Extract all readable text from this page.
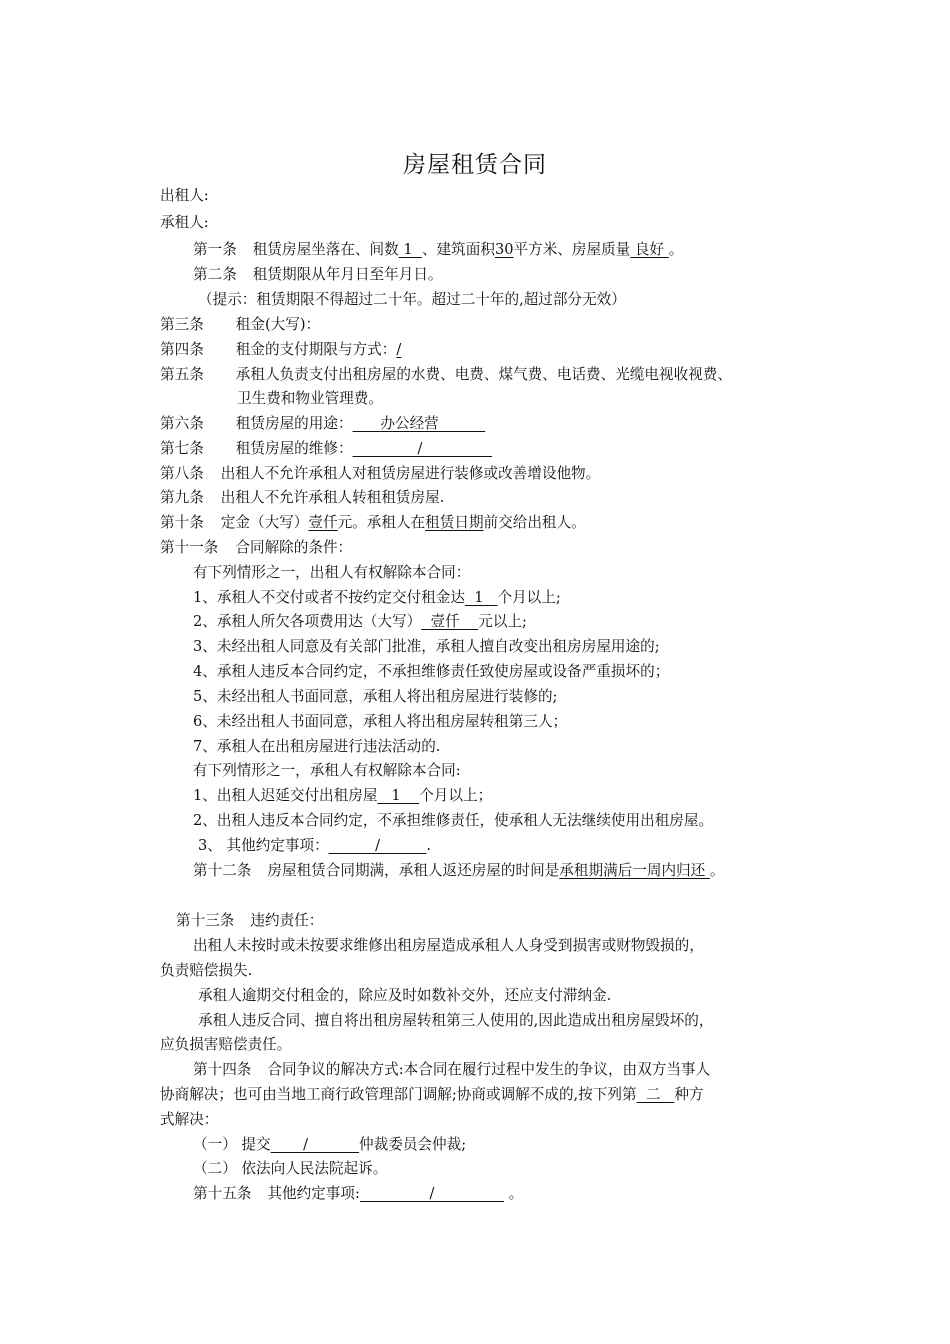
房屋租赁合同
出租人:
承租人:
第一条 租赁房屋坐落在、间数 1  、建筑面积30平方米、房屋质量 良好 。
第二条 租赁期限从年月日至年月日。
（提示：租赁期限不得超过二十年。超过二十年的,超过部分无效）
第三条 租金(大写)：
第四条 租金的支付期限与方式：/
第五条 承租人负责支付出租房屋的水费、电费、煤气费、电话费、光缆电视收视费、
卫生费和物业管理费。
第六条 租赁房屋的用途：      办公经营
第七条 租赁房屋的维修：              /
第八条 出租人不允许承租人对租赁房屋进行装修或改善增设他物。
第九条 出租人不允许承租人转租租赁房屋.
第十条 定金（大写）壹仟元。承租人在租赁日期前交给出租人。
第十一条 合同解除的条件：
有下列情形之一，出租人有权解除本合同：
1、承租人不交付或者不按约定交付租金达  1   个月以上;
2、承租人所欠各项费用达（大写）  壹仟    元以上;
3、未经出租人同意及有关部门批准，承租人擅自改变出租房房屋用途的;
4、承租人违反本合同约定，不承担维修责任致使房屋或设备严重损坏的；
5、未经出租人书面同意，承租人将出租房屋进行装修的;
6、未经出租人书面同意，承租人将出租房屋转租第三人；
7、承租人在出租房屋进行违法活动的.
有下列情形之一，承租人有权解除本合同:
1、出租人迟延交付出租房屋   1    个月以上；
2、出租人违反本合同约定，不承担维修责任，使承租人无法继续使用出租房屋。
3、 其他约定事项：          /          .
第十二条 房屋租赁合同期满，承租人返还房屋的时间是承租期满后一周内归还 。
第十三条 违约责任：
出租人未按时或未按要求维修出租房屋造成承租人人身受到损害或财物毁损的，
负责赔偿损失.
承租人逾期交付租金的，除应及时如数补交外，还应支付滞纳金.
承租人违反合同、擅自将出租房屋转租第三人使用的,因此造成出租房屋毁坏的，
应负损害赔偿责任。
第十四条 合同争议的解决方式:本合同在履行过程中发生的争议，由双方当事人
协商解决；也可由当地工商行政管理部门调解;协商或调解不成的,按下列第  二   种方
式解决：
（一） 提交       /           仲裁委员会仲裁;
（二） 依法向人民法院起诉。
第十五条 其他约定事项:               /                。
